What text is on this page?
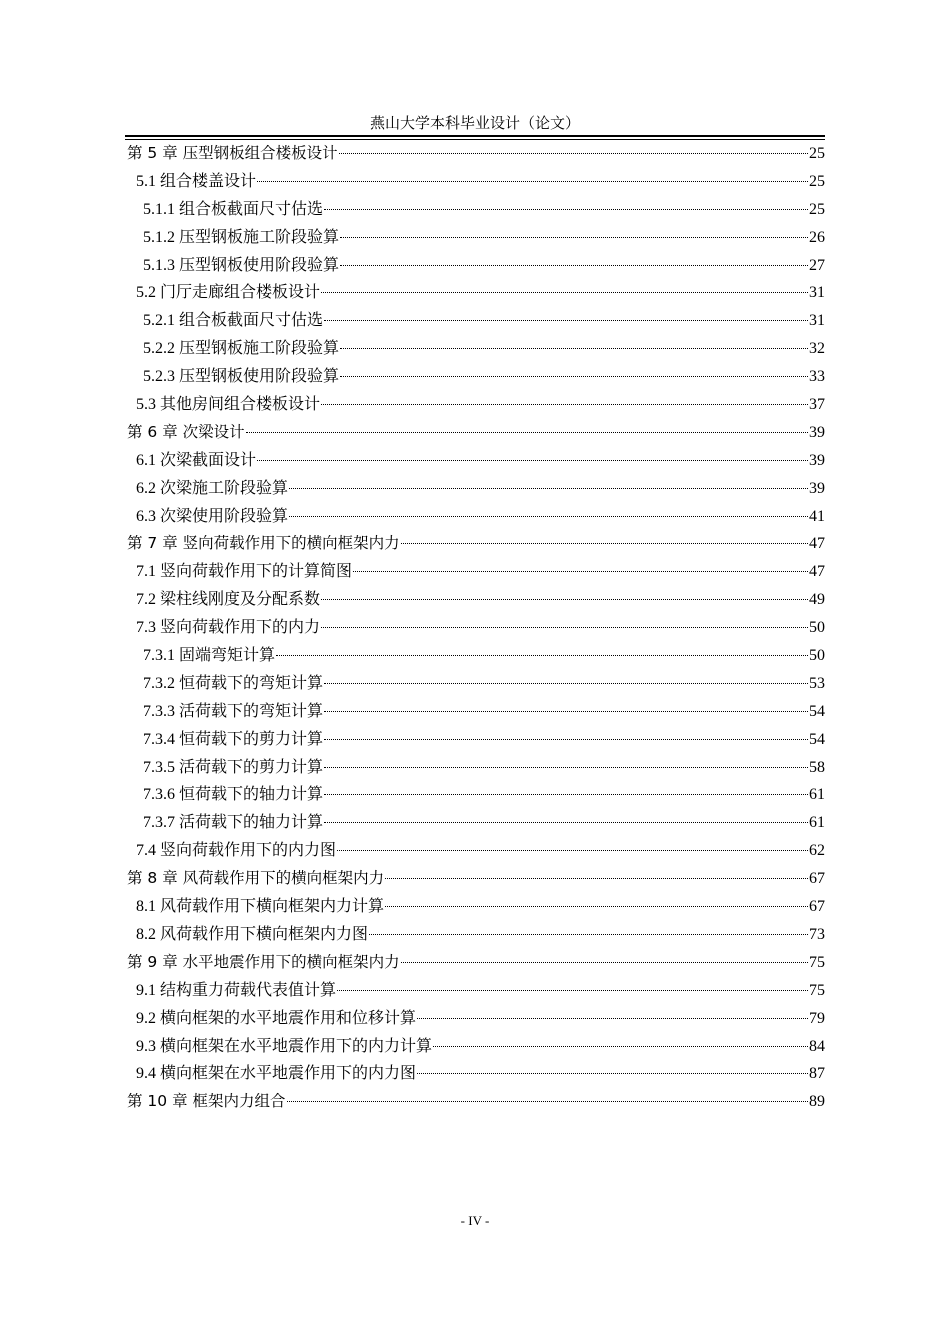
燕山大学本科毕业设计（论文）
第 5 章 压型钢板组合楼板设计	25
5.1 组合楼盖设计	25
5.1.1 组合板截面尺寸估选	25
5.1.2 压型钢板施工阶段验算	26
5.1.3 压型钢板使用阶段验算	27
5.2 门厅走廊组合楼板设计	31
5.2.1 组合板截面尺寸估选	31
5.2.2 压型钢板施工阶段验算	32
5.2.3 压型钢板使用阶段验算	33
5.3 其他房间组合楼板设计	37
第 6 章 次梁设计	39
6.1 次梁截面设计	39
6.2 次梁施工阶段验算	39
6.3 次梁使用阶段验算	41
第 7 章 竖向荷载作用下的横向框架内力	47
7.1 竖向荷载作用下的计算简图	47
7.2 梁柱线刚度及分配系数	49
7.3 竖向荷载作用下的内力	50
7.3.1 固端弯矩计算	50
7.3.2 恒荷载下的弯矩计算	53
7.3.3 活荷载下的弯矩计算	54
7.3.4 恒荷载下的剪力计算	54
7.3.5 活荷载下的剪力计算	58
7.3.6 恒荷载下的轴力计算	61
7.3.7 活荷载下的轴力计算	61
7.4 竖向荷载作用下的内力图	62
第 8 章 风荷载作用下的横向框架内力	67
8.1 风荷载作用下横向框架内力计算	67
8.2 风荷载作用下横向框架内力图	73
第 9 章 水平地震作用下的横向框架内力	75
9.1 结构重力荷载代表值计算	75
9.2 横向框架的水平地震作用和位移计算	79
9.3 横向框架在水平地震作用下的内力计算	84
9.4 横向框架在水平地震作用下的内力图	87
第 10 章 框架内力组合	89
- IV -
